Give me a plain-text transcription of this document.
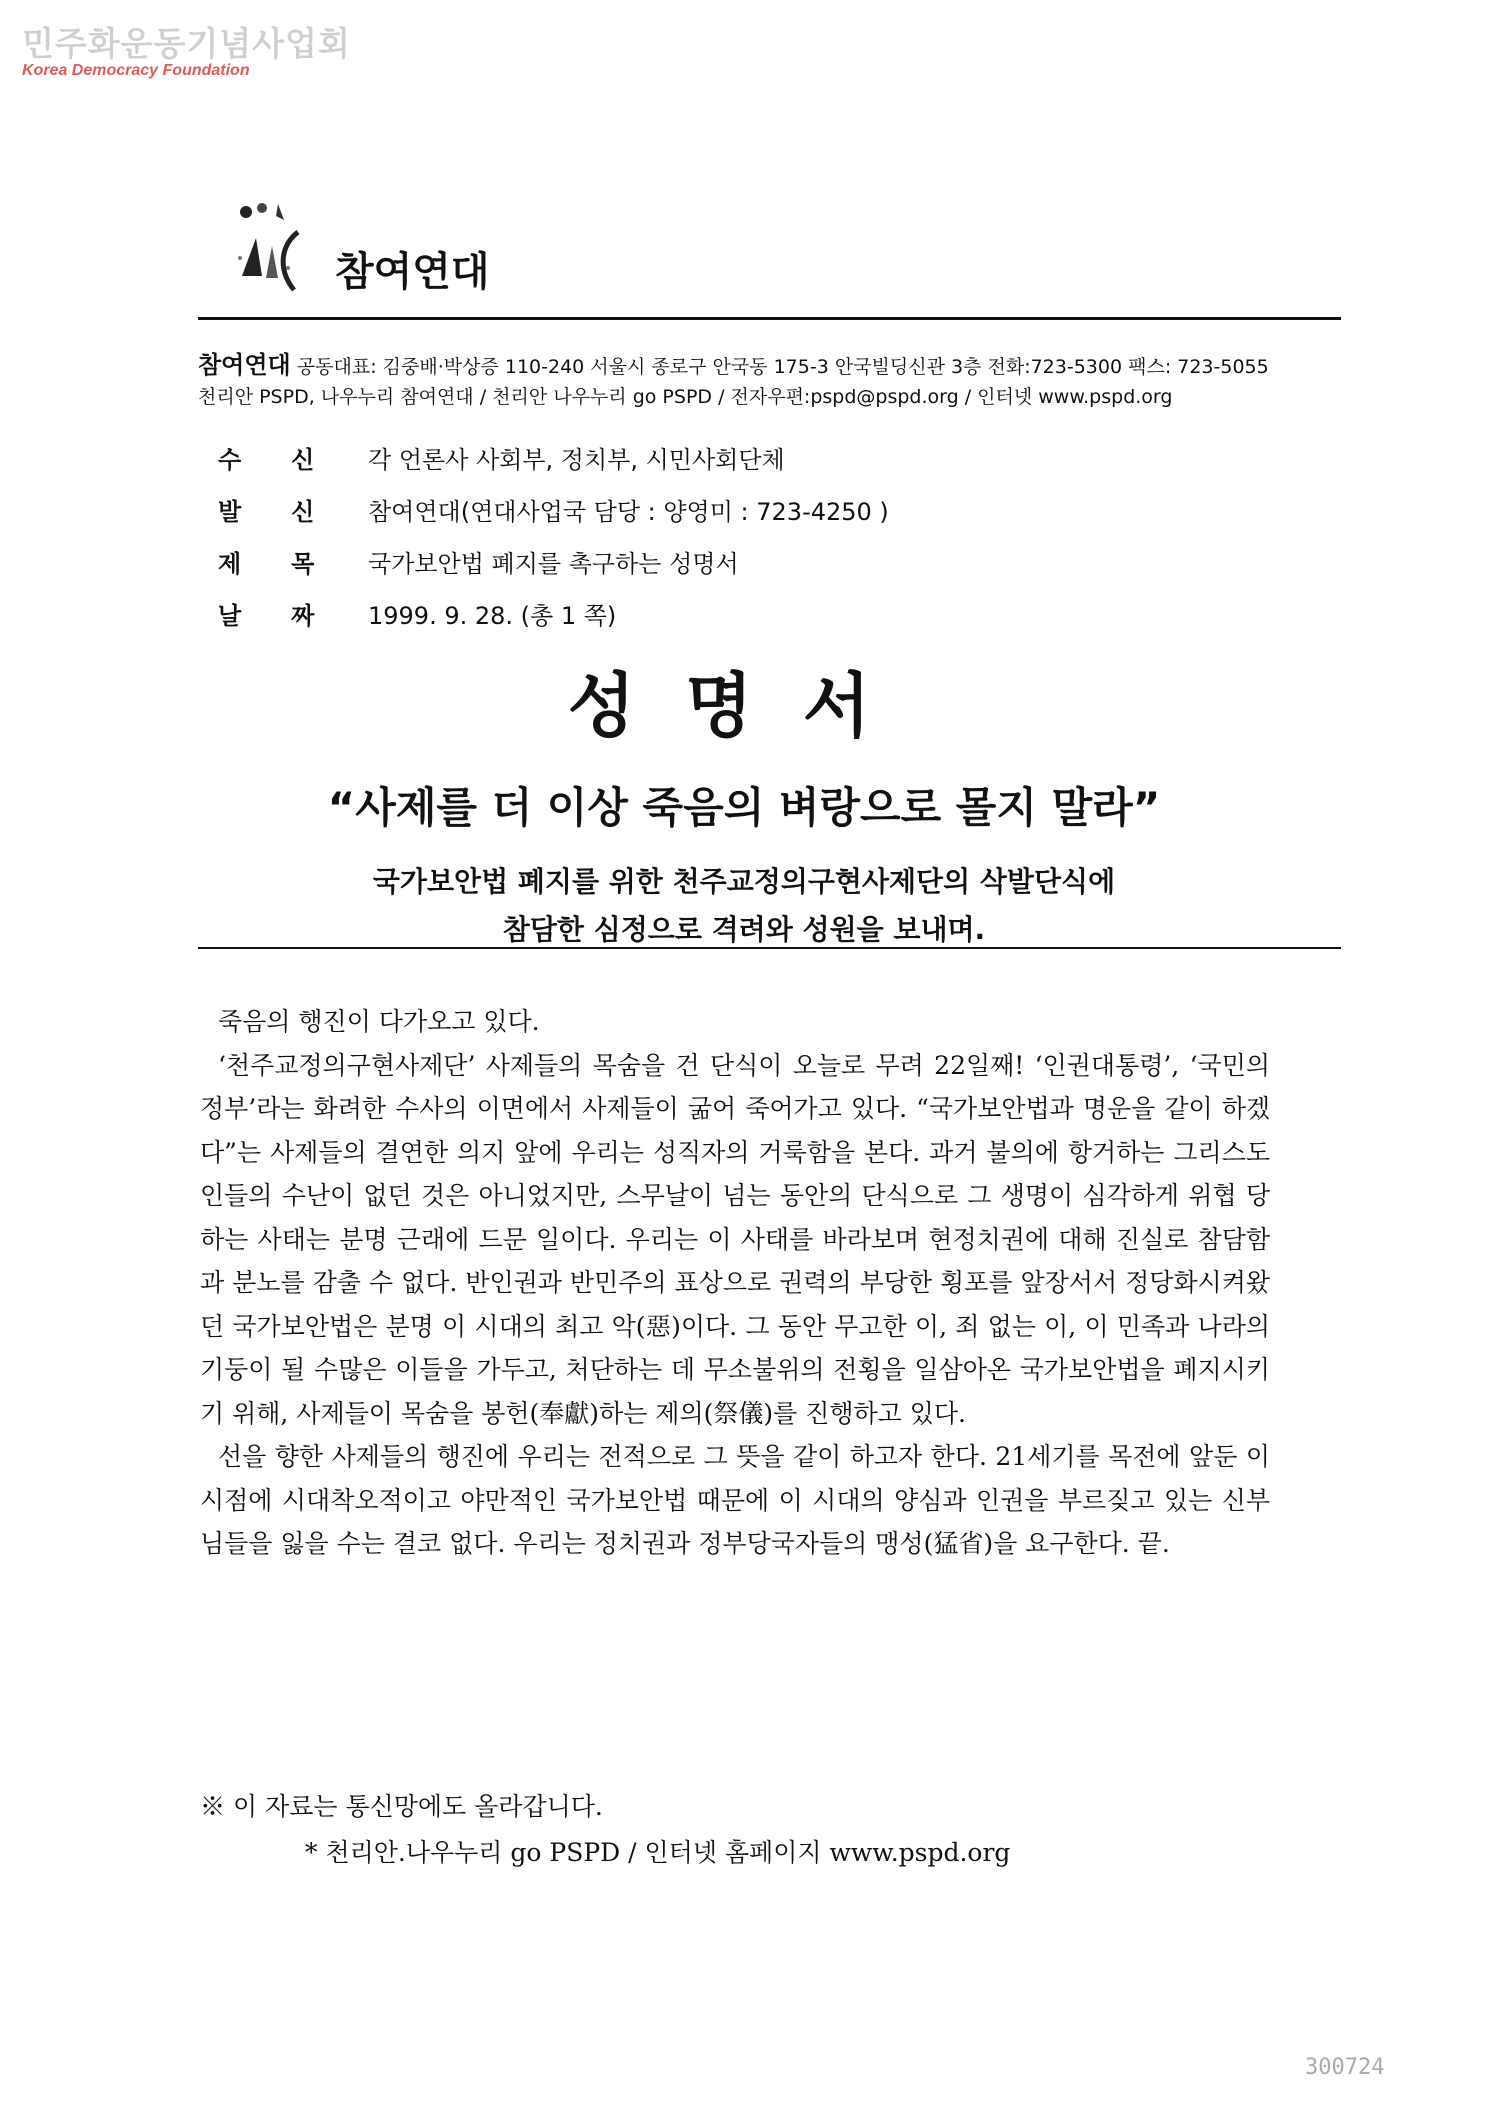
민주화운동기념사업회
Korea Democracy Foundation
참여연대
참여연대 공동대표: 김중배·박상증 110-240 서울시 종로구 안국동 175-3 안국빌딩신관 3층 전화:723-5300 팩스: 723-5055
천리안 PSPD, 나우누리 참여연대 / 천리안 나우누리 go PSPD / 전자우편:pspd@pspd.org / 인터넷 www.pspd.org
수신 각 언론사 사회부, 정치부, 시민사회단체
발신 참여연대(연대사업국 담당 : 양영미 : 723-4250 )
제목 국가보안법 폐지를 촉구하는 성명서
날짜 1999. 9. 28. (총 1 쪽)
성명서
“사제를 더 이상 죽음의 벼랑으로 몰지 말라”
국가보안법 폐지를 위한 천주교정의구현사제단의 삭발단식에
참담한 심정으로 격려와 성원을 보내며.

죽음의 행진이 다가오고 있다.

‘천주교정의구현사제단’ 사제들의 목숨을 건 단식이 오늘로 무려 22일째! ‘인권대통령’, ‘국민의정부’라는 화려한 수사의 이면에서 사제들이 굶어 죽어가고 있다. “국가보안법과 명운을 같이 하겠다”는 사제들의 결연한 의지 앞에 우리는 성직자의 거룩함을 본다. 과거 불의에 항거하는 그리스도인들의 수난이 없던 것은 아니었지만, 스무날이 넘는 동안의 단식으로 그 생명이 심각하게 위협 당하는 사태는 분명 근래에 드문 일이다. 우리는 이 사태를 바라보며 현정치권에 대해 진실로 참담함과 분노를 감출 수 없다. 반인권과 반민주의 표상으로 권력의 부당한 횡포를 앞장서서 정당화시켜왔던 국가보안법은 분명 이 시대의 최고 악(惡)이다. 그 동안 무고한 이, 죄 없는 이, 이 민족과 나라의 기둥이 될 수많은 이들을 가두고, 처단하는 데 무소불위의 전횡을 일삼아온 국가보안법을 폐지시키기 위해, 사제들이 목숨을 봉헌(奉獻)하는 제의(祭儀)를 진행하고 있다.

선을 향한 사제들의 행진에 우리는 전적으로 그 뜻을 같이 하고자 한다. 21세기를 목전에 앞둔 이 시점에 시대착오적이고 야만적인 국가보안법 때문에 이 시대의 양심과 인권을 부르짖고 있는 신부님들을 잃을 수는 결코 없다. 우리는 정치권과 정부당국자들의 맹성(猛省)을 요구한다. 끝.

※ 이 자료는 통신망에도 올라갑니다.
* 천리안.나우누리 go PSPD / 인터넷 홈페이지 www.pspd.org
300724
